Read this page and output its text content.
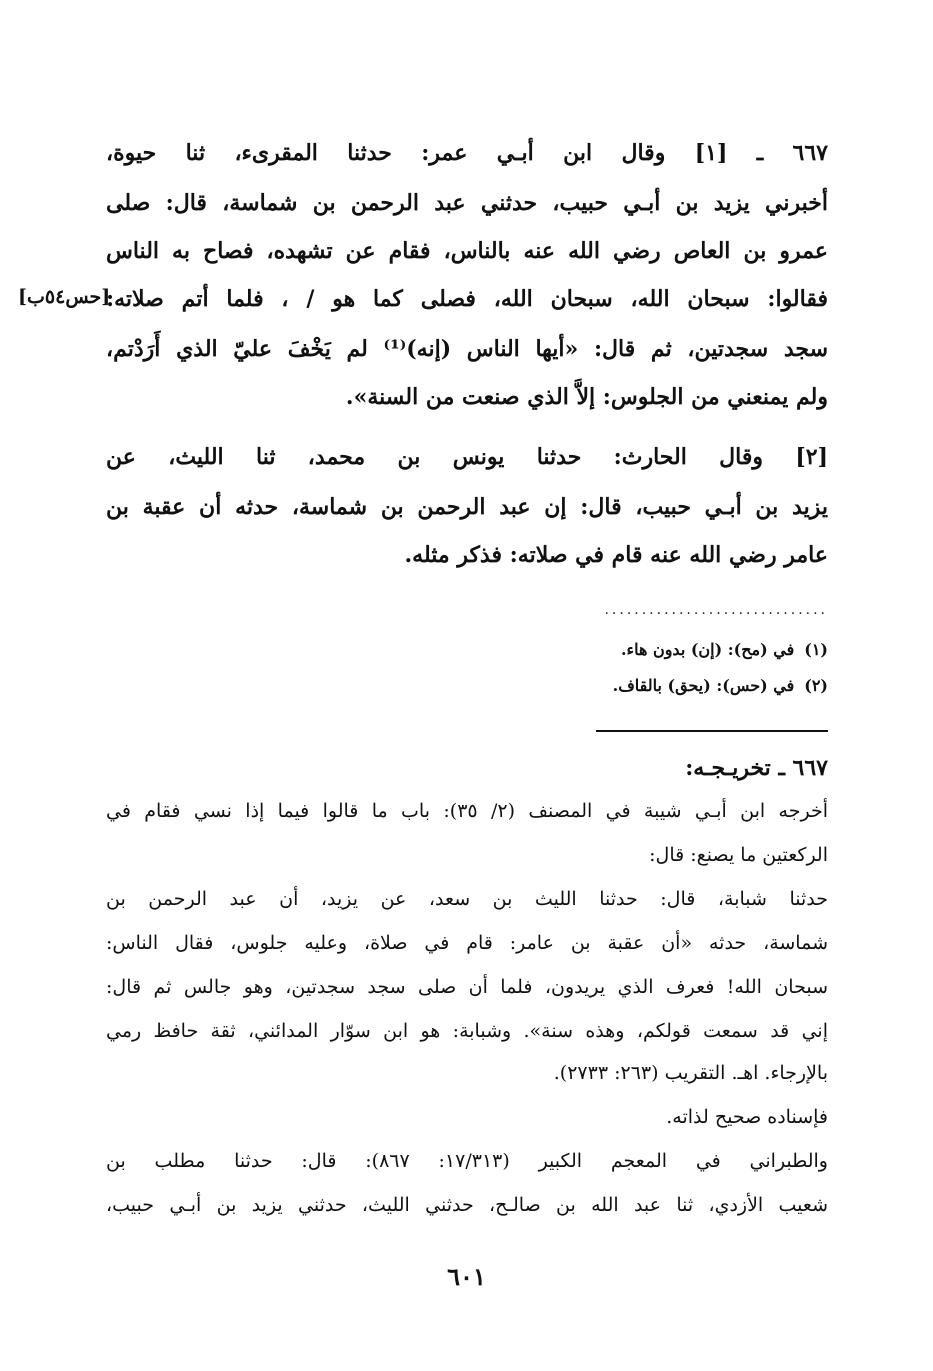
٦٦٧ ـ [١] وقال ابن أبـي عمر: حدثنا المقرىء، ثنا حيوة،
أخبرني يزيد بن أبـي حبيب، حدثني عبد الرحمن بن شماسة، قال: صلى
عمرو بن العاص رضي الله عنه بالناس، فقام عن تشهده، فصاح به الناس
فقالوا: سبحان الله، سبحان الله، فصلى كما هو / ، فلما أتم صلاته:
[حس٥٤ب]
سجد سجدتين، ثم قال: «أيها الناس (إنه)⁽¹⁾ لم يَخْفَ عليّ الذي أَرَدْتم،
ولم يمنعني من الجلوس: إلاَّ الذي صنعت من السنة».
[٢] وقال الحارث: حدثنا يونس بن محمد، ثنا الليث، عن
يزيد بن أبـي حبيب، قال: إن عبد الرحمن بن شماسة، حدثه أن عقبة بن
عامر رضي الله عنه قام في صلاته: فذكر مثله.
..............................
(١)في (مح): (إن) بدون هاء.
(٢)في (حس): (يحق) بالقاف.
٦٦٧ ـ تخريـجـه:
أخرجه ابن أبـي شيبة في المصنف (٢/ ٣٥): باب ما قالوا فيما إذا نسي فقام في
الركعتين ما يصنع: قال:
حدثنا شبابة، قال: حدثنا الليث بن سعد، عن يزيد، أن عبد الرحمن بن
شماسة، حدثه «أن عقبة بن عامر: قام في صلاة، وعليه جلوس، فقال الناس:
سبحان الله! فعرف الذي يريدون، فلما أن صلى سجد سجدتين، وهو جالس ثم قال:
إني قد سمعت قولكم، وهذه سنة». وشبابة: هو ابن سوّار المدائني، ثقة حافظ رمي
بالإرجاء. اهـ. التقريب (٢٦٣: ٢٧٣٣).
فإسناده صحيح لذاته.
والطبراني في المعجم الكبير (١٧/٣١٣: ٨٦٧): قال: حدثنا مطلب بن
شعيب الأزدي، ثنا عبد الله بن صالـح، حدثني الليث، حدثني يزيد بن أبـي حبيب،
٦٠١
